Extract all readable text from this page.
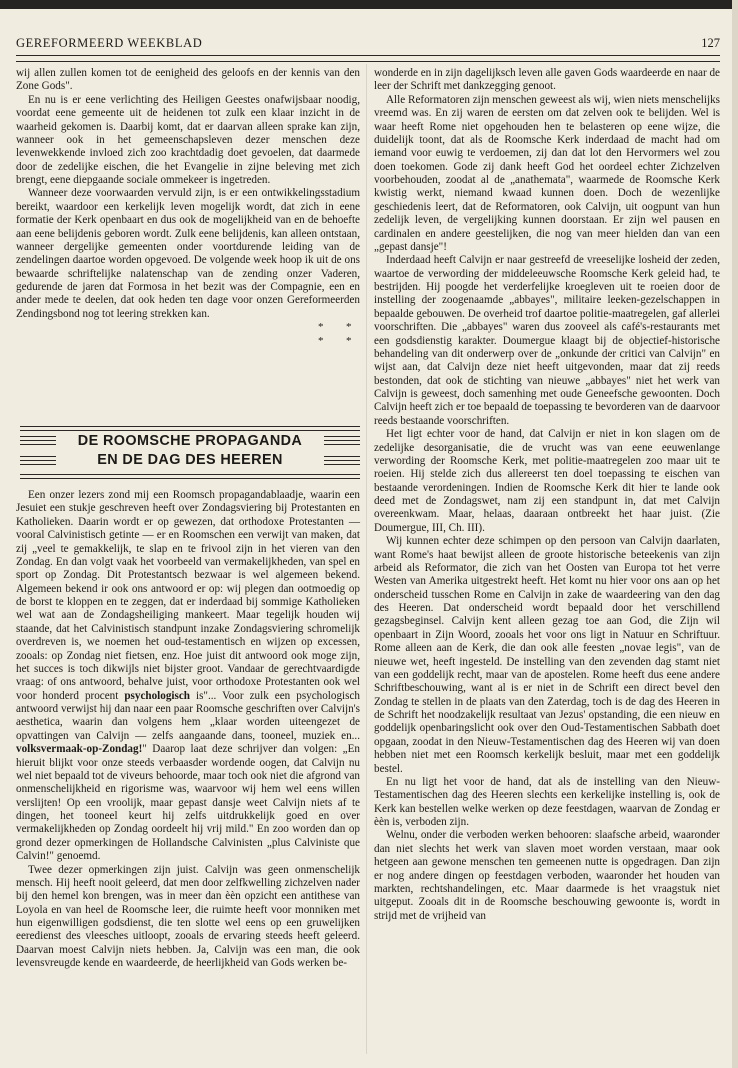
GEREFORMEERD WEEKBLAD	127

wij allen zullen komen tot de eenigheid des geloofs en der kennis van den Zone Gods".

En nu is er eene verlichting des Heiligen Geestes onafwijsbaar noodig, voordat eene gemeente uit de heidenen tot zulk een klaar inzicht in de waarheid gekomen is. Daarbij komt, dat er daarvan alleen sprake kan zijn, wanneer ook in het gemeenschapsleven dezer menschen deze levenwekkende invloed zich zoo krachtdadig doet gevoelen, dat daarmede door de zedelijke eischen, die het Evangelie in zijne beleving met zich brengt, eene diepgaande sociale ommekeer is ingetreden.

Wanneer deze voorwaarden vervuld zijn, is er een ontwikkelingsstadium bereikt, waardoor een kerkelijk leven mogelijk wordt, dat zich in eene formatie der Kerk openbaart en dus ook de mogelijkheid van en de behoefte aan eene belijdenis geboren wordt. Zulk eene belijdenis, kan alleen ontstaan, wanneer dergelijke gemeenten onder voortdurende leiding van de zendelingen daartoe worden opgevoed. De volgende week hoop ik uit de ons bewaarde schriftelijke nalatenschap van de zending onzer Vaderen, gedurende de jaren dat Formosa in het bezit was der Compagnie, een en ander mede te deelen, dat ook heden ten dage voor onzen Gereformeerden Zendingsbond nog tot leering strekken kan.

* *
* *
DE ROOMSCHE PROPAGANDA
EN DE DAG DES HEEREN

Een onzer lezers zond mij een Roomsch propagandablaadje, waarin een Jesuiet een stukje geschreven heeft over Zondagsviering bij Protestanten en Katholieken. Daarin wordt er op gewezen, dat orthodoxe Protestanten — vooral Calvinistisch getinte — er en Roomschen een verwijt van maken, dat zij „veel te gemakkelijk, te slap en te frivool zijn in het vieren van den Zondag. En dan volgt vaak het voorbeeld van vermakelijkheden, van spel en sport op Zondag. Dit Protestantsch bezwaar is wel algemeen bekend. Algemeen bekend ir ook ons antwoord er op: wij plegen dan ootmoedig op de borst te kloppen en te zeggen, dat er inderdaad bij sommige Katholieken wel wat aan de Zondagsheiliging mankeert. Maar tegelijk houden wij staande, dat het Calvinistisch standpunt inzake Zondagsviering schromelijk overdreven is, we noemen het oud-testamentisch en wijzen op excessen, zooals: op Zondag niet fietsen, enz. Hoe juist dit antwoord ook moge zijn, het succes is toch dikwijls niet bijster groot. Vandaar de gerechtvaardigde vraag: of ons antwoord, behalve juist, voor orthodoxe Protestanten ook wel voor honderd procent psychologisch is"... Voor zulk een psychologisch antwoord verwijst hij dan naar een paar Roomsche geschriften over Calvijn's aesthetica, waarin dan volgens hem „klaar worden uiteengezet de opvattingen van Calvijn — zelfs aangaande dans, tooneel, muziek en... volksvermaak-op-Zondag!" Daarop laat deze schrijver dan volgen: „En hieruit blijkt voor onze steeds verbaasder wordende oogen, dat Calvijn nu wel niet bepaald tot de viveurs behoorde, maar toch ook niet die afgrond van onmenschelijkheid en rigorisme was, waarvoor wij hem wel eens willen verslijten! Op een vroolijk, maar gepast dansje weet Calvijn niets af te dingen, het tooneel keurt hij zelfs uitdrukkelijk goed en over vermakelijkheden op Zondag oordeelt hij vrij mild." En zoo worden dan op grond dezer opmerkingen de Hollandsche Calvinisten „plus Calviniste que Calvin!" genoemd.

Twee dezer opmerkingen zijn juist. Calvijn was geen onmenschelijk mensch. Hij heeft nooit geleerd, dat men door zelfkwelling zichzelven nader bij den hemel kon brengen, was in meer dan èèn opzicht een antithese van Loyola en van heel de Roomsche leer, die ruimte heeft voor monniken met hun eigenwilligen godsdienst, die ten slotte wel eens op een gruwelijken eeredienst des vleesches uitloopt, zooals de ervaring steeds heeft geleerd. Daarvan moest Calvijn niets hebben. Ja, Calvijn was een man, die ook levensvreugde kende en waardeerde, de heerlijkheid van Gods werken be-

wonderde en in zijn dagelijksch leven alle gaven Gods waardeerde en naar de leer der Schrift met dankzegging genoot.

Alle Reformatoren zijn menschen geweest als wij, wien niets menschelijks vreemd was. En zij waren de eersten om dat zelven ook te belijden. Wel is waar heeft Rome niet opgehouden hen te belasteren op eene wijze, die duidelijk toont, dat als de Roomsche Kerk inderdaad de macht had om iemand voor euwig te verdoemen, zij dan dat lot den Hervormers wel zou doen toekomen. Gode zij dank heeft God het oordeel echter Zichzelven voorbehouden, zoodat al de „anathemata", waarmede de Roomsche Kerk kwistig werkt, niemand kwaad kunnen doen. Doch de wezenlijke geschiedenis leert, dat de Reformatoren, ook Calvijn, uit oogpunt van hun zedelijk leven, de vergelijking kunnen doorstaan. Er zijn wel pausen en cardinalen en andere geestelijken, die nog van meer hielden dan van een „gepast dansje"!

Inderdaad heeft Calvijn er naar gestreefd de vreeselijke losheid der zeden, waartoe de verwording der middeleeuwsche Roomsche Kerk geleid had, te bestrijden. Hij poogde het verderfelijke kroegleven uit te roeien door de instelling der zoogenaamde „abbayes", militaire leeken-gezelschappen in bepaalde gebouwen. De overheid trof daartoe politie-maatregelen, gaf allerlei voorschriften. Die „abbayes" waren dus zooveel als café's-restaurants met een godsdienstig karakter. Doumergue klaagt bij de objectief-historische behandeling van dit onderwerp over de „onkunde der critici van Calvijn" en wijst aan, dat Calvijn deze niet heeft uitgevonden, maar dat zij reeds bestonden, dat ook de stichting van nieuwe „abbayes" niet het werk van Calvijn is geweest, doch samenhing met oude Geneefsche gewoonten. Doch Calvijn heeft zich er toe bepaald de toepassing te bevorderen van de daarvoor reeds bestaande voorschriften.

Het ligt echter voor de hand, dat Calvijn er niet in kon slagen om de zedelijke desorganisatie, die de vrucht was van eene eeuwenlange verwording der Roomsche Kerk, met politie-maatregelen zoo maar uit te roeien. Hij stelde zich dus allereerst ten doel toepassing te eischen van bestaande verordeningen. Indien de Roomsche Kerk dit hier te lande ook deed met de Zondagswet, nam zij een standpunt in, dat met Calvijn overeenkwam. Maar, helaas, daaraan ontbreekt het haar juist. (Zie Doumergue, III, Ch. III).

Wij kunnen echter deze schimpen op den persoon van Calvijn daarlaten, want Rome's haat bewijst alleen de groote historische beteekenis van zijn arbeid als Reformator, die zich van het Oosten van Europa tot het verre Westen van Amerika uitgestrekt heeft. Het komt nu hier voor ons aan op het onderscheid tusschen Rome en Calvijn in zake de waardeering van den dag des Heeren. Dat onderscheid wordt bepaald door het verschillend gezagsbeginsel. Calvijn kent alleen gezag toe aan God, die Zijn wil openbaart in Zijn Woord, zooals het voor ons ligt in Natuur en Schriftuur. Rome alleen aan de Kerk, die dan ook alle feesten „novae legis", van de nieuwe wet, heeft ingesteld. De instelling van den zevenden dag stamt niet van een goddelijk recht, maar van de apostelen. Rome heeft dus eene andere Schriftbeschouwing, want al is er niet in de Schrift een direct bevel den Zondag te stellen in de plaats van den Zaterdag, toch is de dag des Heeren in de Schrift het noodzakelijk resultaat van Jezus' opstanding, die een nieuw en goddelijk openbaringslicht ook over den Oud-Testamentischen Sabbath doet opgaan, zoodat in den Nieuw-Testamentischen dag des Heeren wij van doen hebben niet met een Roomsch kerkelijk besluit, maar met een goddelijk bestel.

En nu ligt het voor de hand, dat als de instelling van den Nieuw-Testamentischen dag des Heeren slechts een kerkelijke instelling is, ook de Kerk kan bestellen welke werken op deze feestdagen, waarvan de Zondag er èèn is, verboden zijn.

Welnu, onder die verboden werken behooren: slaafsche arbeid, waaronder dan niet slechts het werk van slaven moet worden verstaan, maar ook hetgeen aan gewone menschen ten gemeenen nutte is opgedragen. Dan zijn er nog andere dingen op feestdagen verboden, waaronder het houden van markten, rechtshandelingen, etc. Maar daarmede is het vraagstuk niet uitgeput. Zooals dit in de Roomsche beschouwing gewoonte is, wordt in strijd met de vrijheid van
